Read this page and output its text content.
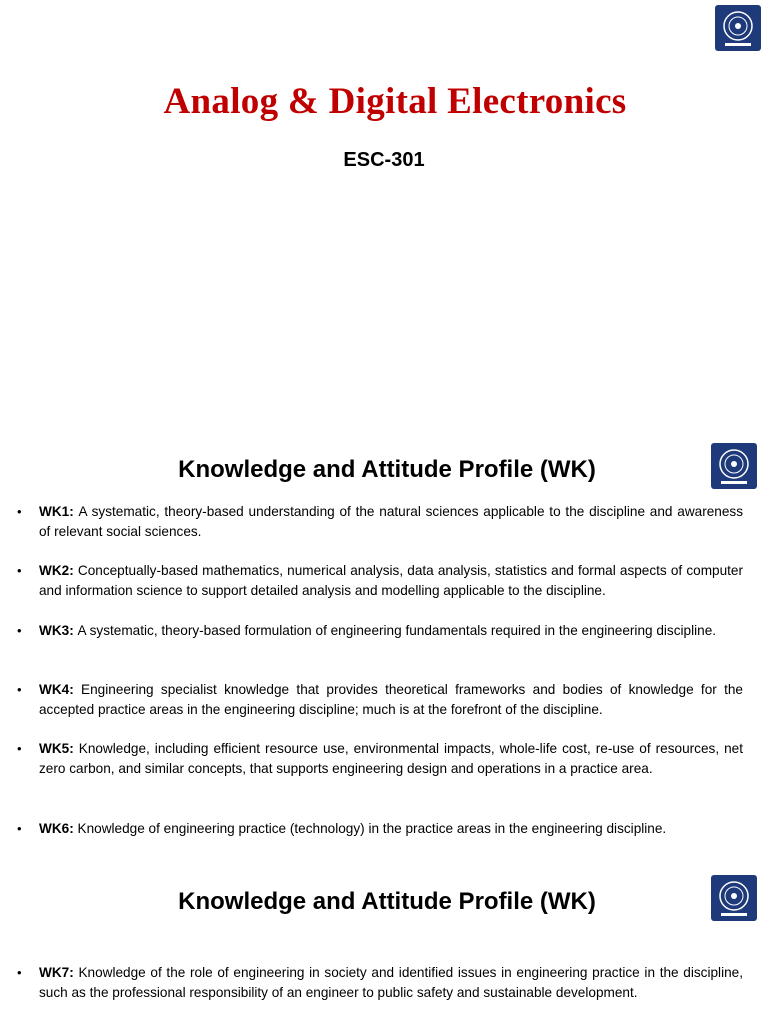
Analog & Digital Electronics
ESC-301
Knowledge and Attitude Profile (WK)
• WK1: A systematic, theory-based understanding of the natural sciences applicable to the discipline and awareness of relevant social sciences.
• WK2: Conceptually-based mathematics, numerical analysis, data analysis, statistics and formal aspects of computer and information science to support detailed analysis and modelling applicable to the discipline.
• WK3: A systematic, theory-based formulation of engineering fundamentals required in the engineering discipline.
• WK4: Engineering specialist knowledge that provides theoretical frameworks and bodies of knowledge for the accepted practice areas in the engineering discipline; much is at the forefront of the discipline.
• WK5: Knowledge, including efficient resource use, environmental impacts, whole-life cost, re-use of resources, net zero carbon, and similar concepts, that supports engineering design and operations in a practice area.
• WK6: Knowledge of engineering practice (technology) in the practice areas in the engineering discipline.
Knowledge and Attitude Profile (WK)
• WK7: Knowledge of the role of engineering in society and identified issues in engineering practice in the discipline, such as the professional responsibility of an engineer to public safety and sustainable development.
